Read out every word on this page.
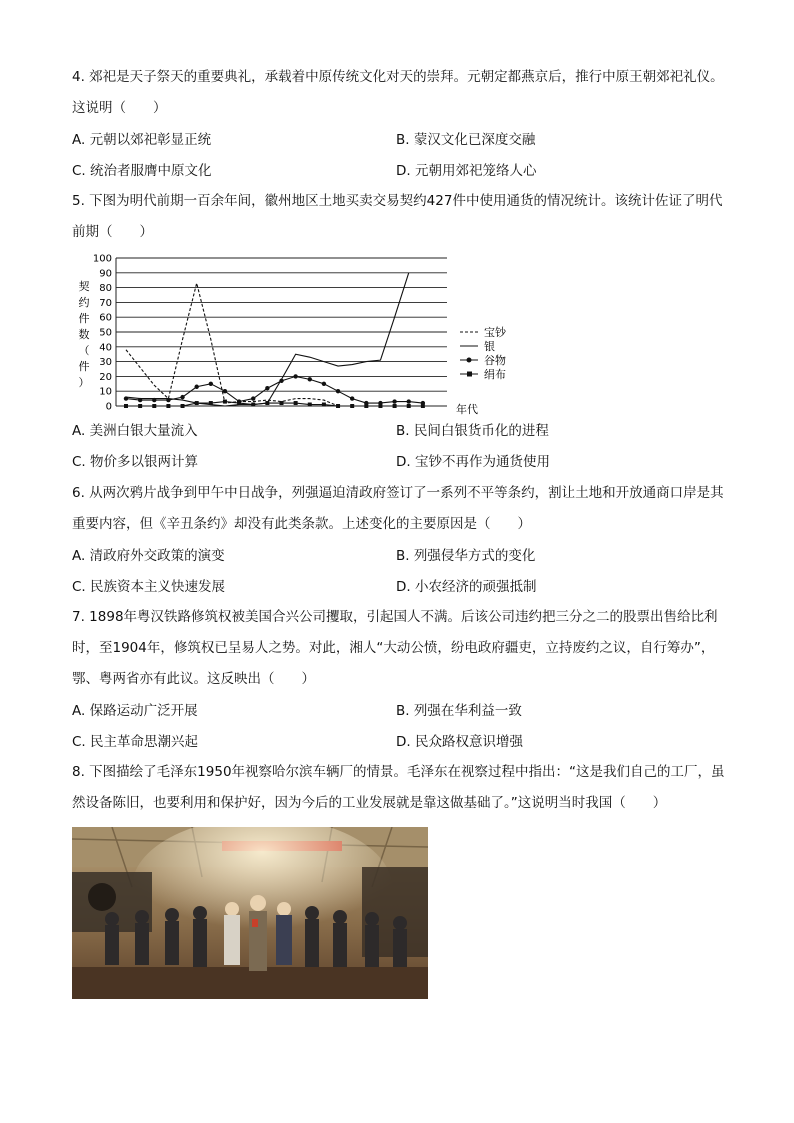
4. 郊祀是天子祭天的重要典礼，承载着中原传统文化对天的崇拜。元朝定都燕京后，推行中原王朝郊祀礼仪。这说明（　　）
A. 元朝以郊祀彰显正统	B. 蒙汉文化已深度交融
C. 统治者服膺中原文化	D. 元朝用郊祀笼络人心
5. 下图为明代前期一百余年间，徽州地区土地买卖交易契约427件中使用通货的情况统计。该统计佐证了明代前期（　　）
契
约
件
数
（
件
）
0
10
20
30
40
50
60
70
80
90
100
宝钞
银
谷物
绢布
年代
A. 美洲白银大量流入	B. 民间白银货币化的进程
C. 物价多以银两计算	D. 宝钞不再作为通货使用
6. 从两次鸦片战争到甲午中日战争，列强逼迫清政府签订了一系列不平等条约，割让土地和开放通商口岸是其重要内容，但《辛丑条约》却没有此类条款。上述变化的主要原因是（　　）
A. 清政府外交政策的演变	B. 列强侵华方式的变化
C. 民族资本主义快速发展	D. 小农经济的顽强抵制
7. 1898年粤汉铁路修筑权被美国合兴公司攫取，引起国人不满。后该公司违约把三分之二的股票出售给比利时，至1904年，修筑权已呈易人之势。对此，湘人“大动公愤，纷电政府疆吏，立持废约之议，自行筹办”，鄂、粤两省亦有此议。这反映出（　　）
A. 保路运动广泛开展	B. 列强在华利益一致
C. 民主革命思潮兴起	D. 民众路权意识增强
8. 下图描绘了毛泽东1950年视察哈尔滨车辆厂的情景。毛泽东在视察过程中指出：“这是我们自己的工厂，虽然设备陈旧，也要利用和保护好，因为今后的工业发展就是靠这做基础了。”这说明当时我国（　　）
